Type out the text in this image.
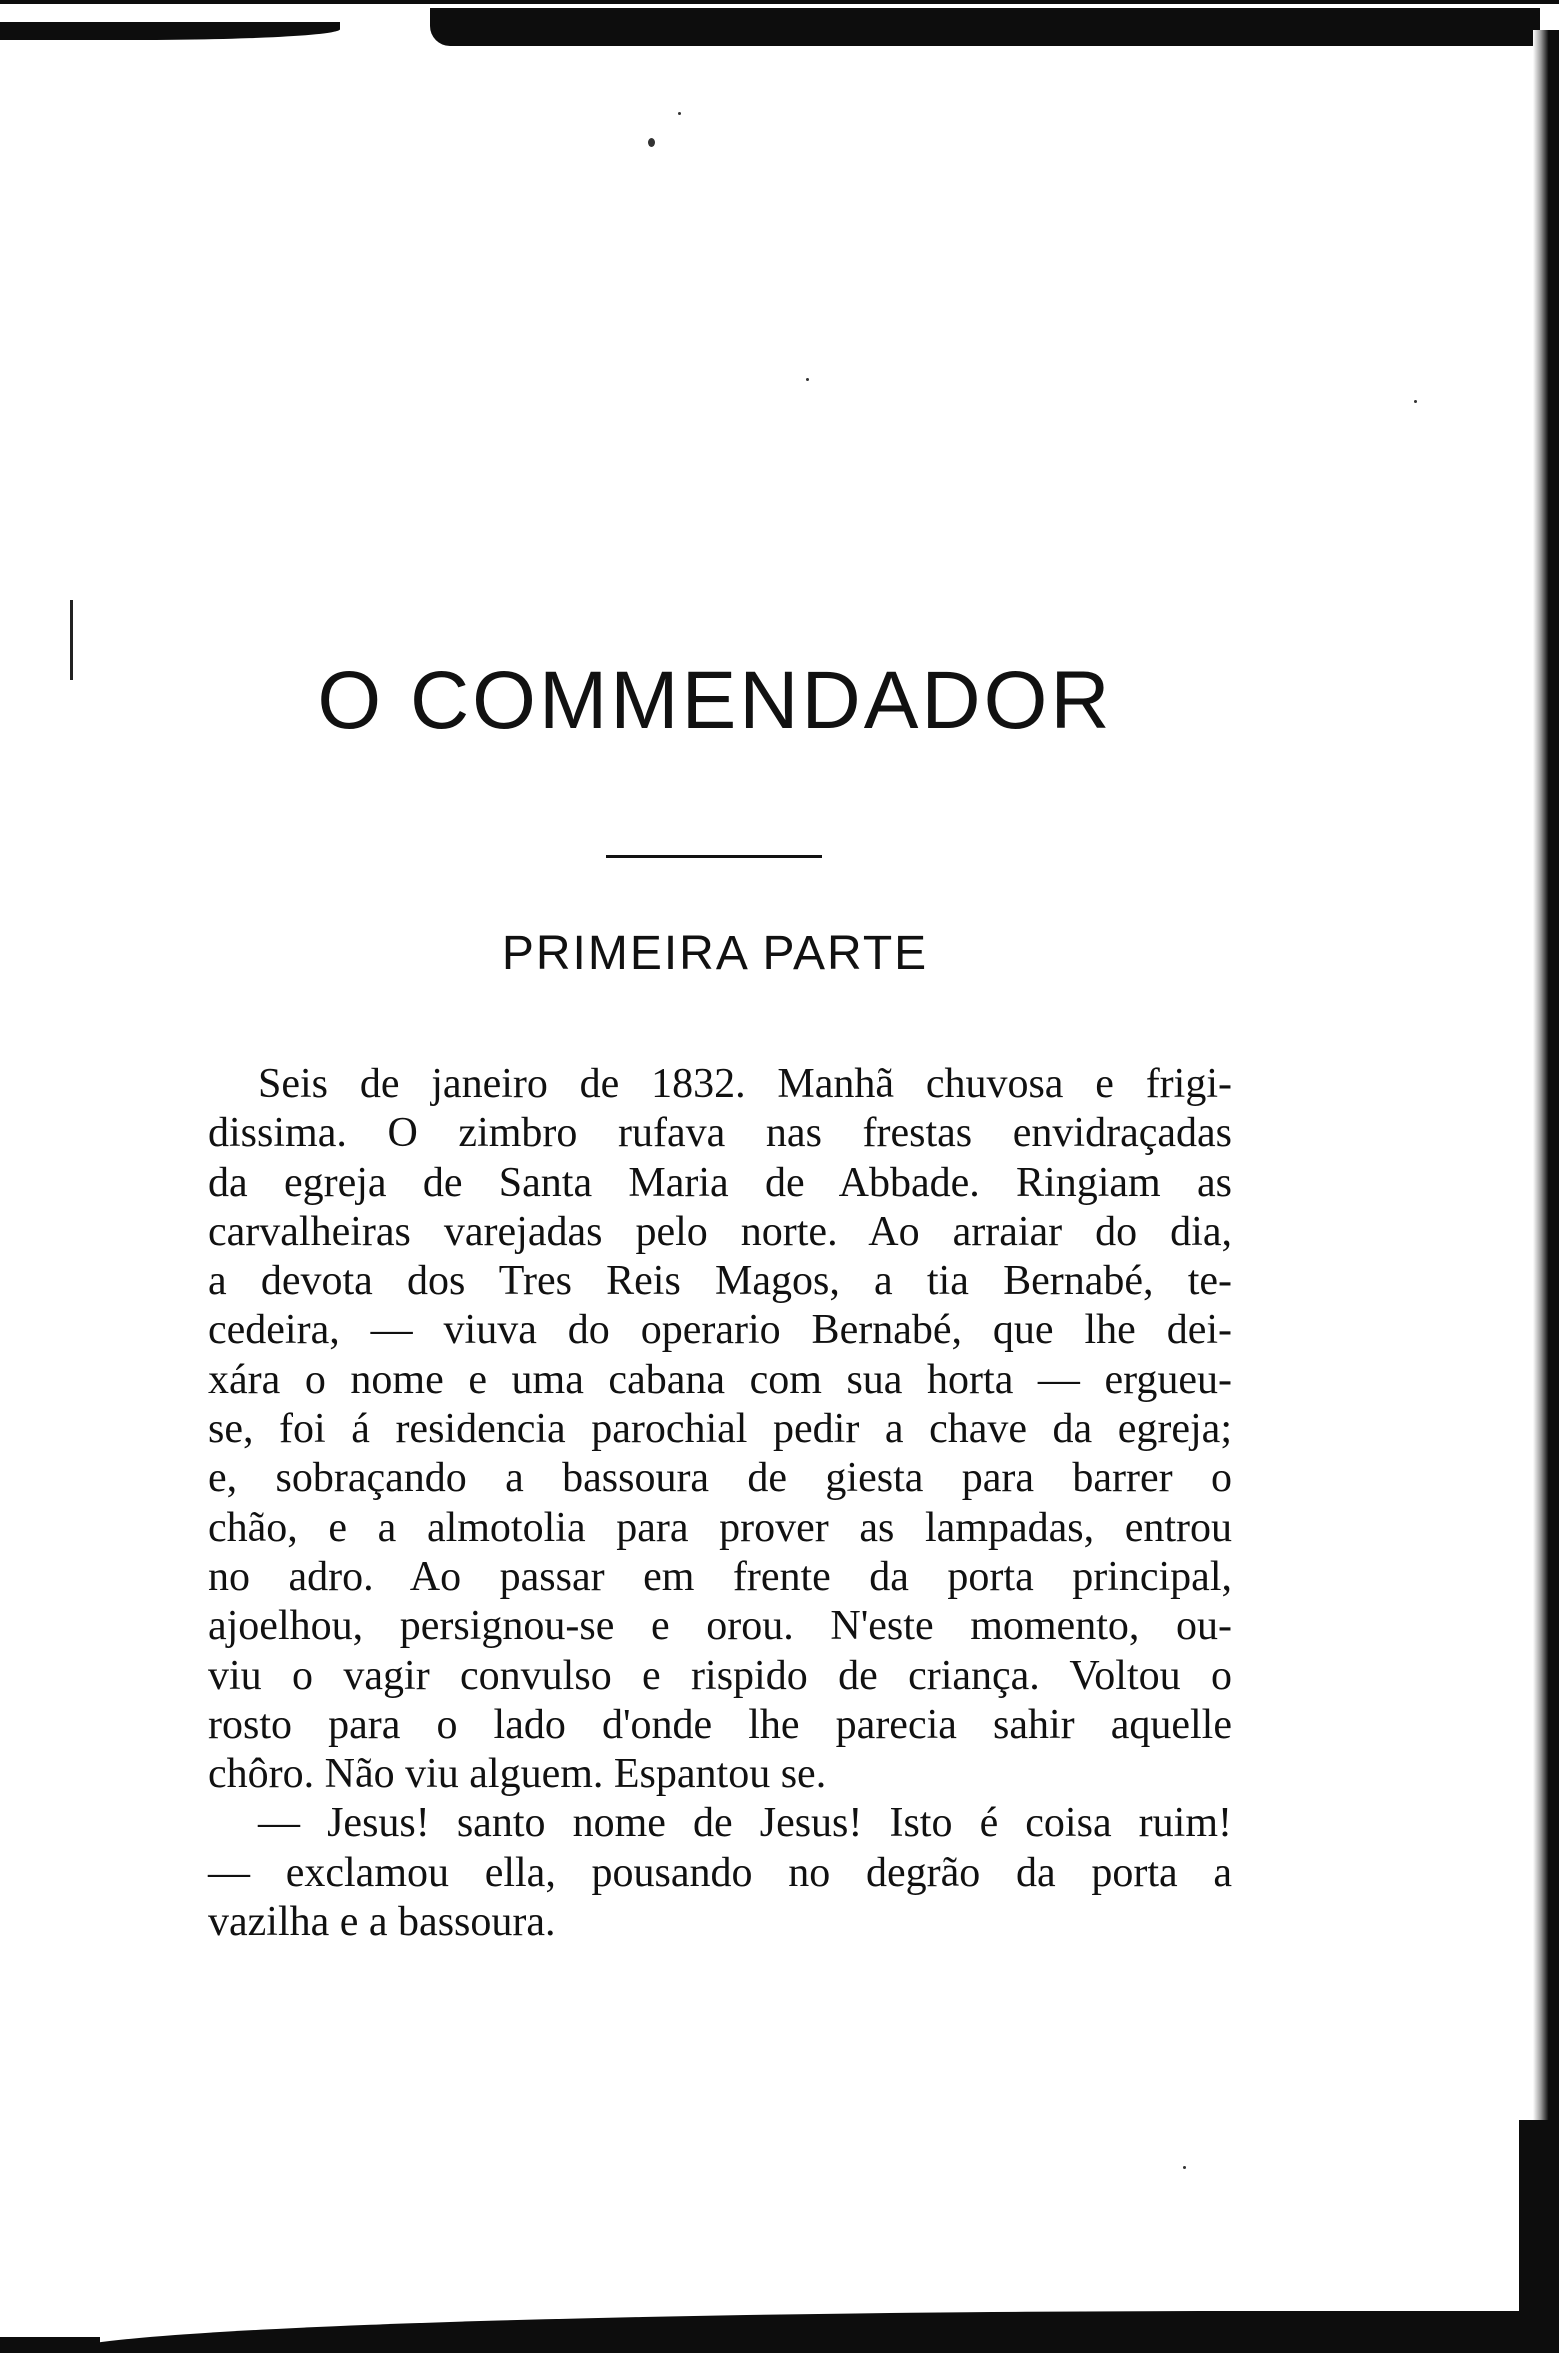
O COMMENDADOR
PRIMEIRA PARTE
Seis de janeiro de 1832. Manhã chuvosa e frigi-
dissima. O zimbro rufava nas frestas envidraçadas
da egreja de Santa Maria de Abbade. Ringiam as
carvalheiras varejadas pelo norte. Ao arraiar do dia,
a devota dos Tres Reis Magos, a tia Bernabé, te-
cedeira, — viuva do operario Bernabé, que lhe dei-
xára o nome e uma cabana com sua horta — ergueu-
se, foi á residencia parochial pedir a chave da egreja;
e, sobraçando a bassoura de giesta para barrer o
chão, e a almotolia para prover as lampadas, entrou
no adro. Ao passar em frente da porta principal,
ajoelhou, persignou-se e orou. N'este momento, ou-
viu o vagir convulso e rispido de criança. Voltou o
rosto para o lado d'onde lhe parecia sahir aquelle
chôro. Não viu alguem. Espantou se.
— Jesus! santo nome de Jesus! Isto é coisa ruim!
— exclamou ella, pousando no degrão da porta a
vazilha e a bassoura.
